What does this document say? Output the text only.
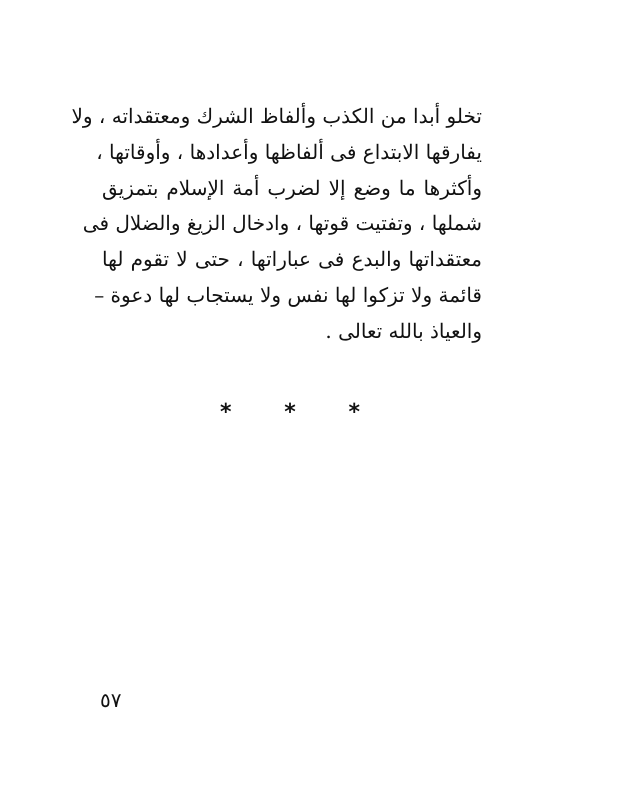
تخلو أبدا من الكذب وألفاظ الشرك ومعتقداته ، ولا
يفارقها الابتداع فى ألفاظها وأعدادها ، وأوقاتها ،
وأكثرها ما وضع إلا لضرب أمة الإسلام بتمزيق
شملها ، وتفتيت قوتها ، وادخال الزيغ والضلال فى
معتقداتها والبدع فى عباراتها ، حتى لا تقوم لها
قائمة ولا تزكوا لها نفس ولا يستجاب لها دعوة –
والعياذ بالله تعالى .
* * *
٥٧
